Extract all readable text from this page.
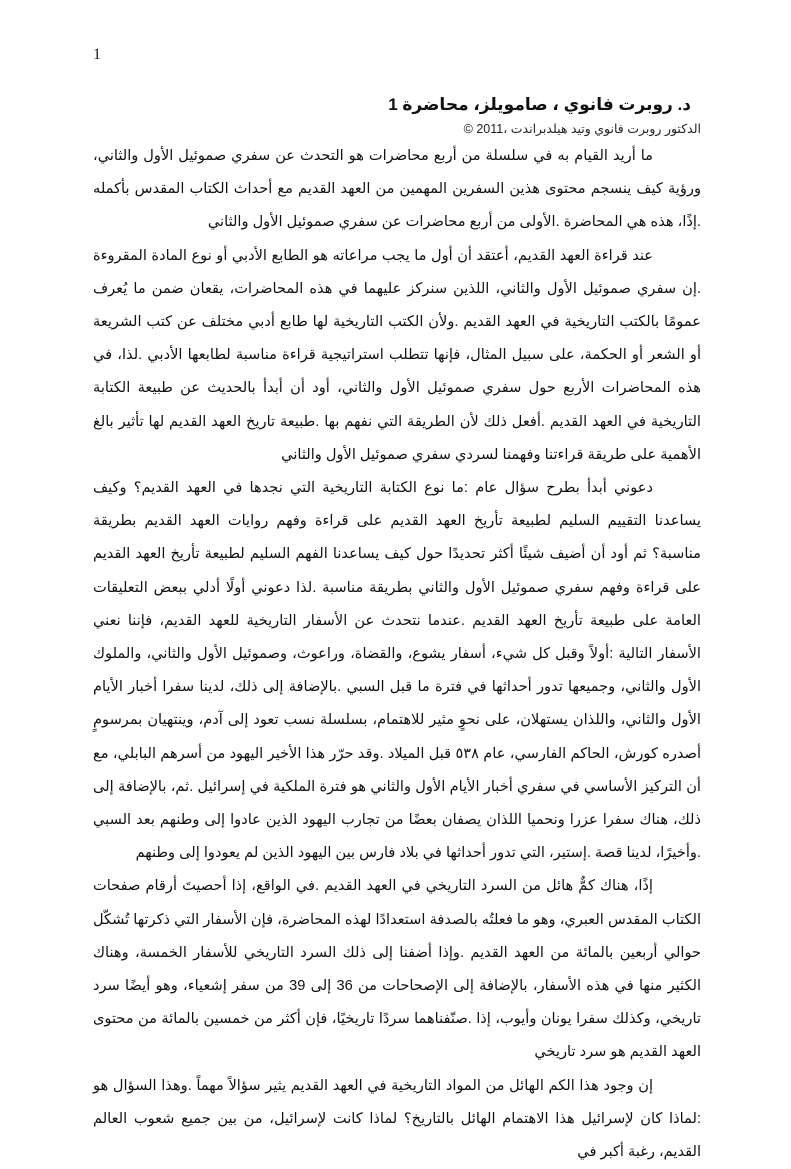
1

د. روبرت فانوي ، صامويلز، محاضرة 1

الدكتور روبرت فانوي وتيد هيلدبراندت ،2011 ©

ما أريد القيام به في سلسلة من أربع محاضرات هو التحدث عن سفري صموئيل الأول والثاني، ورؤية كيف ينسجم محتوى هذين السفرين المهمين من العهد القديم مع أحداث الكتاب المقدس بأكمله .إذًا، هذه هي المحاضرة .الأولى من أربع محاضرات عن سفري صموئيل الأول والثاني

عند قراءة العهد القديم، أعتقد أن أول ما يجب مراعاته هو الطابع الأدبي أو نوع المادة المقروءة .إن سفري صموئيل الأول والثاني، اللذين سنركز عليهما في هذه المحاضرات، يقعان ضمن ما يُعرف عمومًا بالكتب التاريخية في العهد القديم .ولأن الكتب التاريخية لها طابع أدبي مختلف عن كتب الشريعة أو الشعر أو الحكمة، على سبيل المثال، فإنها تتطلب استراتيجية قراءة مناسبة لطابعها الأدبي .لذا، في هذه المحاضرات الأربع حول سفري صموئيل الأول والثاني، أود أن أبدأ بالحديث عن طبيعة الكتابة التاريخية في العهد القديم .أفعل ذلك لأن الطريقة التي نفهم بها .طبيعة تاريخ العهد القديم لها تأثير بالغ الأهمية على طريقة قراءتنا وفهمنا لسردي سفري صموئيل الأول والثاني

دعوني أبدأ بطرح سؤال عام :ما نوع الكتابة التاريخية التي نجدها في العهد القديم؟ وكيف يساعدنا التقييم السليم لطبيعة تأريخ العهد القديم على قراءة وفهم روايات العهد القديم بطريقة مناسبة؟ ثم أود أن أضيف شيئًا أكثر تحديدًا حول كيف يساعدنا الفهم السليم لطبيعة تأريخ العهد القديم على قراءة وفهم سفري صموئيل الأول والثاني بطريقة مناسبة .لذا دعوني أولًا أدلي ببعض التعليقات العامة على طبيعة تأريخ العهد القديم .عندما نتحدث عن الأسفار التاريخية للعهد القديم، فإننا نعني الأسفار التالية :أولاً وقبل كل شيء، أسفار يشوع، والقضاة، وراعوث، وصموئيل الأول والثاني، والملوك الأول والثاني، وجميعها تدور أحداثها في فترة ما قبل السبي .بالإضافة إلى ذلك، لدينا سفرا أخبار الأيام الأول والثاني، واللذان يستهلان، على نحوٍ مثير للاهتمام، بسلسلة نسب تعود إلى آدم، وينتهيان بمرسومٍ أصدره كورش، الحاكم الفارسي، عام ٥٣٨ قبل الميلاد .وقد حرّر هذا الأخير اليهود من أسرهم البابلي، مع أن التركيز الأساسي في سفري أخبار الأيام الأول والثاني هو فترة الملكية في إسرائيل .ثم، بالإضافة إلى ذلك، هناك سفرا عزرا ونحميا اللذان يصفان بعضًا من تجارب اليهود الذين عادوا إلى وطنهم بعد السبي .وأخيرًا، لدينا قصة .إستير، التي تدور أحداثها في بلاد فارس بين اليهود الذين لم يعودوا إلى وطنهم

إذًا، هناك كمٌّ هائل من السرد التاريخي في العهد القديم .في الواقع، إذا أحصيتَ أرقام صفحات الكتاب المقدس العبري، وهو ما فعلتُه بالصدفة استعدادًا لهذه المحاضرة، فإن الأسفار التي ذكرتها تُشكّل حوالي أربعين بالمائة من العهد القديم .وإذا أضفنا إلى ذلك السرد التاريخي للأسفار الخمسة، وهناك الكثير منها في هذه الأسفار، بالإضافة إلى الإصحاحات من 36 إلى 39 من سفر إشعياء، وهو أيضًا سرد تاريخي، وكذلك سفرا يونان وأيوب، إذا .صنّفناهما سردًا تاريخيًا، فإن أكثر من خمسين بالمائة من محتوى العهد القديم هو سرد تاريخي

إن وجود هذا الكم الهائل من المواد التاريخية في العهد القديم يثير سؤالاً مهماً .وهذا السؤال هو :لماذا كان لإسرائيل هذا الاهتمام الهائل بالتاريخ؟ لماذا كانت لإسرائيل، من بين جميع شعوب العالم القديم، رغبة أكبر في
